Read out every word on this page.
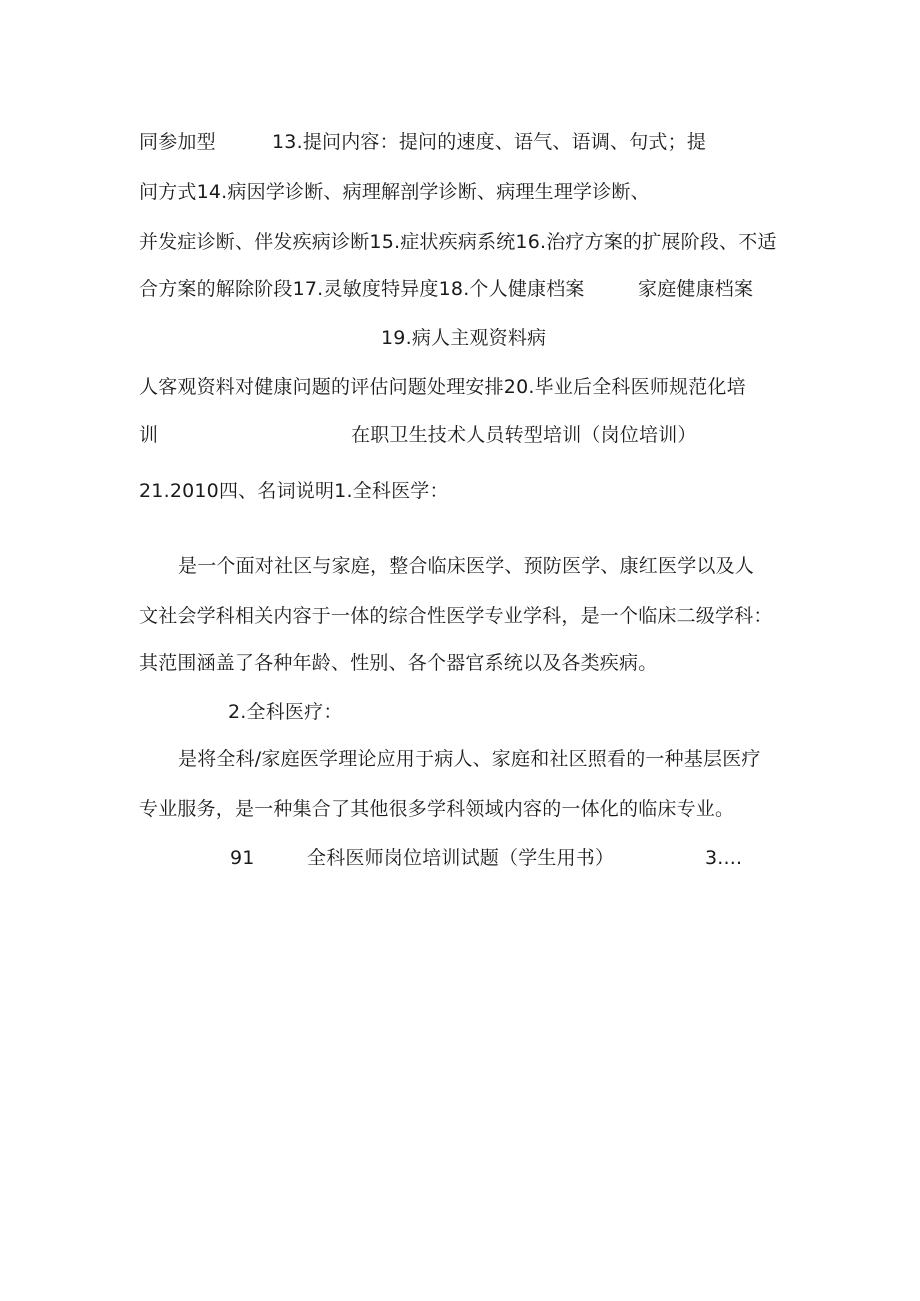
同参加型	13.提问内容：提问的速度、语气、语调、句式；提
问方式14.病因学诊断、病理解剖学诊断、病理生理学诊断、
并发症诊断、伴发疾病诊断15.症状疾病系统16.治疗方案的扩展阶段、不适
合方案的解除阶段17.灵敏度特异度18.个人健康档案	家庭健康档案
19.病人主观资料病
人客观资料对健康问题的评估问题处理安排20.毕业后全科医师规范化培
训	在职卫生技术人员转型培训（岗位培训）
21.2010四、名词说明1.全科医学：
是一个面对社区与家庭，整合临床医学、预防医学、康红医学以及人
文社会学科相关内容于一体的综合性医学专业学科，是一个临床二级学科：
其范围涵盖了各种年龄、性别、各个器官系统以及各类疾病。
2.全科医疗：
是将全科/家庭医学理论应用于病人、家庭和社区照看的一种基层医疗
专业服务，是一种集合了其他很多学科领域内容的一体化的临床专业。
91	全科医师岗位培训试题（学生用书）	3....
